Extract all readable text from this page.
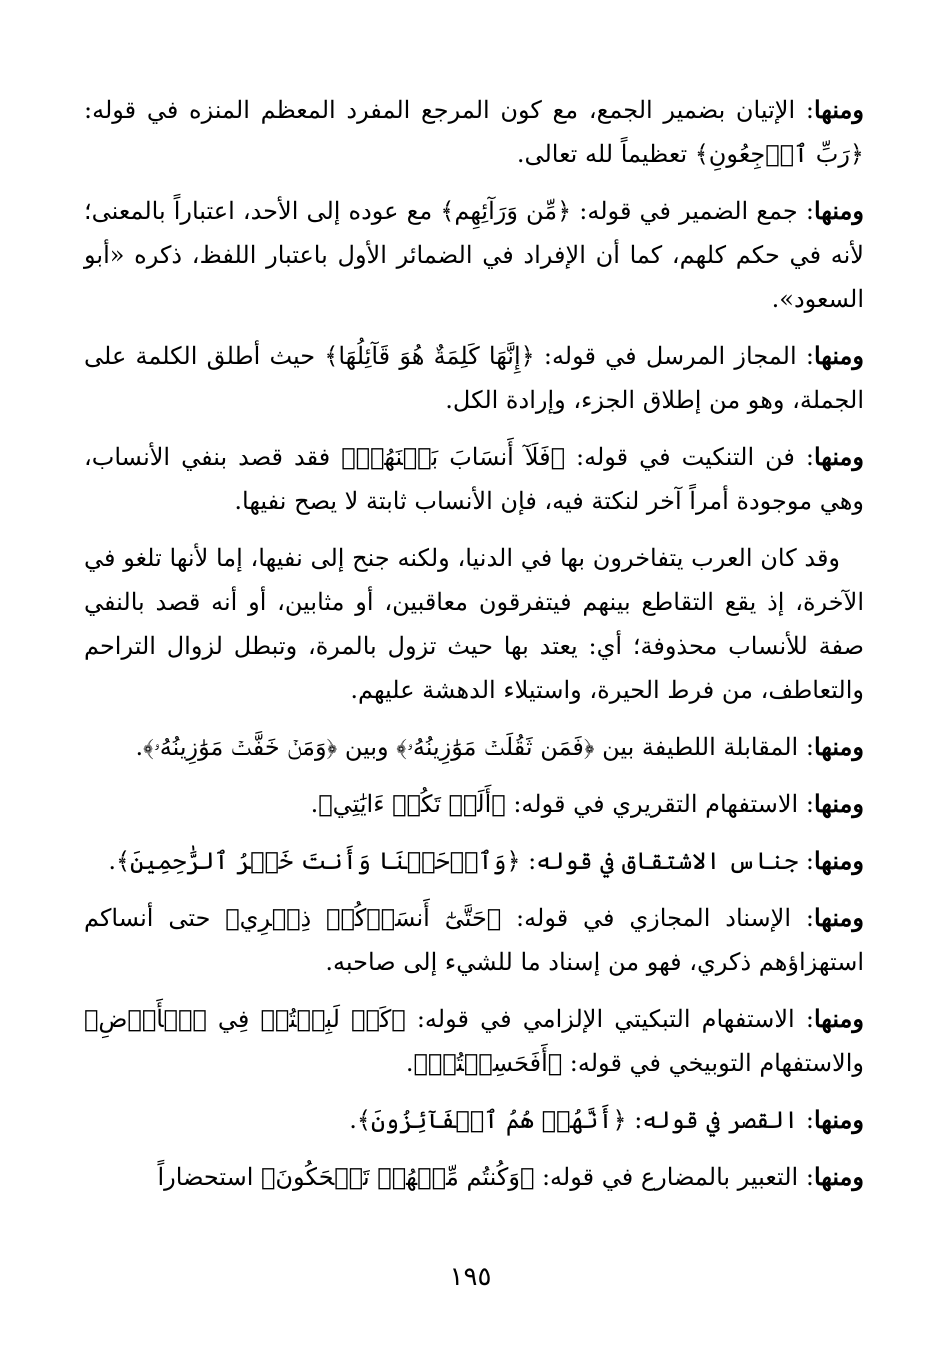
ومنها: الإتيان بضمير الجمع، مع كون المرجع المفرد المعظم المنزه في قوله: ﴿رَبِّ ٱرۡجِعُونِ﴾ تعظيماً لله تعالى.

ومنها: جمع الضمير في قوله: ﴿مِّن وَرَآئِهِم﴾ مع عوده إلى الأحد، اعتباراً بالمعنى؛ لأنه في حكم كلهم، كما أن الإفراد في الضمائر الأول باعتبار اللفظ، ذكره «أبو السعود».

ومنها: المجاز المرسل في قوله: ﴿إِنَّهَا كَلِمَةٌ هُوَ قَآئِلُهَا﴾ حيث أطلق الكلمة على الجملة، وهو من إطلاق الجزء، وإرادة الكل.

ومنها: فن التنكيت في قوله: ﴿فَلَآ أَنسَابَ بَيۡنَهُمۡ﴾ فقد قصد بنفي الأنساب، وهي موجودة أمراً آخر لنكتة فيه، فإن الأنساب ثابتة لا يصح نفيها.

وقد كان العرب يتفاخرون بها في الدنيا، ولكنه جنح إلى نفيها، إما لأنها تلغو في الآخرة، إذ يقع التقاطع بينهم فيتفرقون معاقبين، أو مثابين، أو أنه قصد بالنفي صفة للأنساب محذوفة؛ أي: يعتد بها حيث تزول بالمرة، وتبطل لزوال التراحم والتعاطف، من فرط الحيرة، واستيلاء الدهشة عليهم.

ومنها: المقابلة اللطيفة بين ﴿فَمَن ثَقُلَتۡ مَوَٰزِينُهُۥ﴾ وبين ﴿وَمَنۡ خَفَّتۡ مَوَٰزِينُهُۥ﴾.

ومنها: الاستفهام التقريري في قوله: ﴿أَلَمۡ تَكُنۡ ءَايَٰتِي﴾.

ومنها: جناس الاشتقاق في قوله: ﴿وَٱرۡحَمۡنَا وَأَنتَ خَيۡرُ ٱلرَّٰحِمِينَ﴾.

ومنها: الإسناد المجازي في قوله: ﴿حَتَّىٰٓ أَنسَوۡكُمۡ ذِكۡرِي﴾ حتى أنساكم استهزاؤهم ذكري، فهو من إسناد ما للشيء إلى صاحبه.

ومنها: الاستفهام التبكيتي الإلزامي في قوله: ﴿كَمۡ لَبِثۡتُمۡ فِي ٱلۡأَرۡضِ﴾ والاستفهام التوبيخي في قوله: ﴿أَفَحَسِبۡتُمۡ﴾.

ومنها: القصر في قوله: ﴿أَنَّهُمۡ هُمُ ٱلۡفَآئِزُونَ﴾.

ومنها: التعبير بالمضارع في قوله: ﴿وَكُنتُم مِّنۡهُمۡ تَضۡحَكُونَ﴾ استحضاراً

١٩٥
